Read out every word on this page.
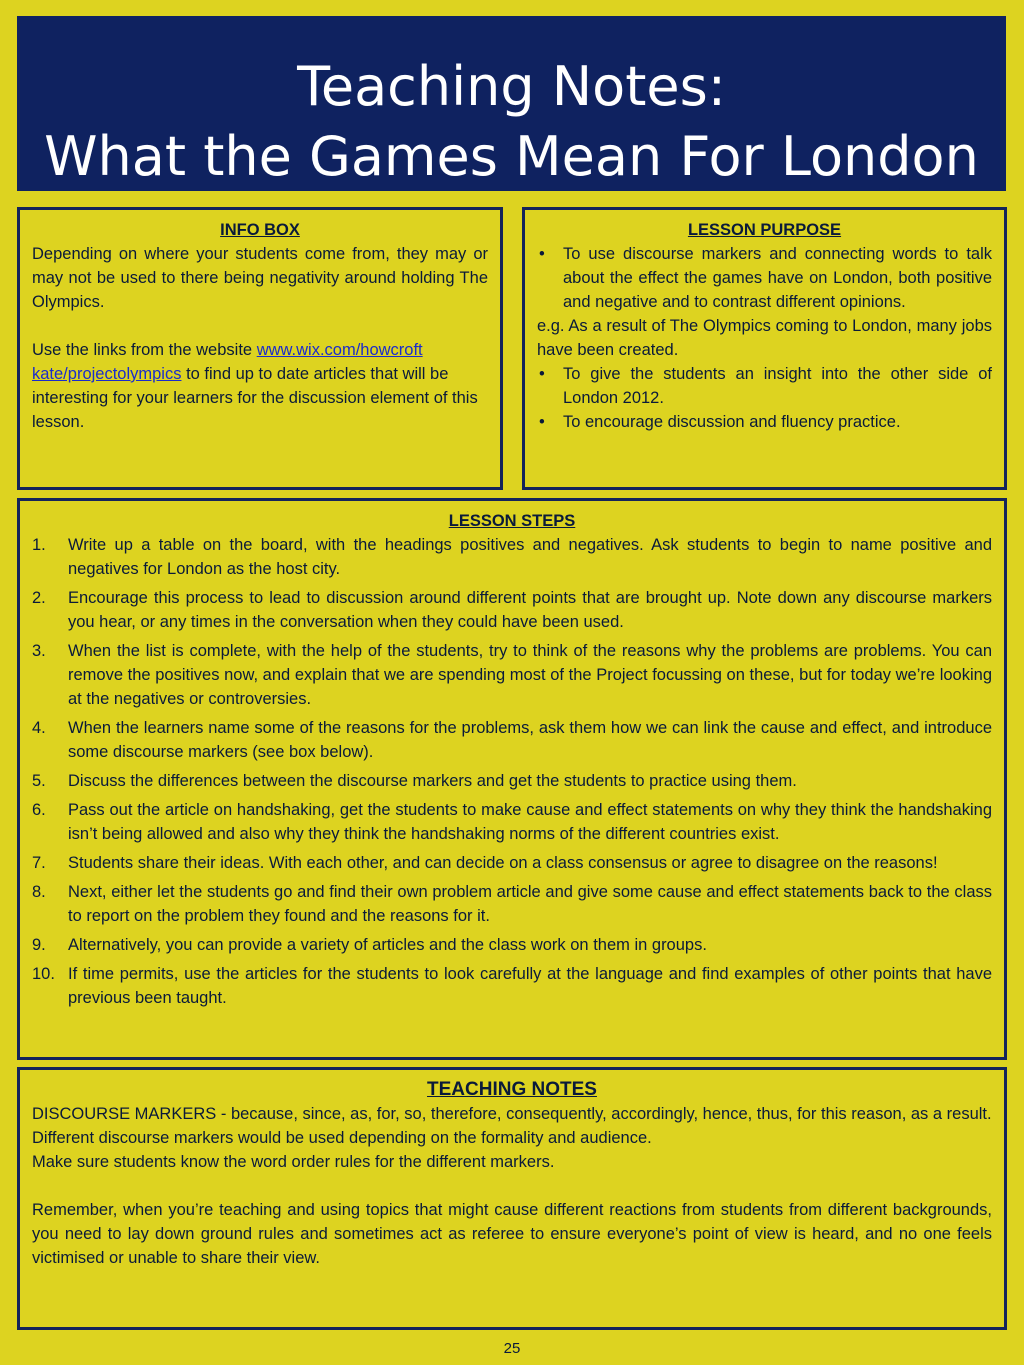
Teaching Notes:
What the Games Mean For London
INFO BOX
Depending on where your students come from, they may or may not be used to there being negativity around holding The Olympics.
Use the links from the website www.wix.com/howcroft kate/projectolympics to find up to date articles that will be interesting for your learners for the discussion element of this lesson.
LESSON PURPOSE
• To use discourse markers and connecting words to talk about the effect the games have on London, both positive and negative and to contrast different opinions.
e.g. As a result of The Olympics coming to London, many jobs have been created.
• To give the students an insight into the other side of London 2012.
• To encourage discussion and fluency practice.
LESSON STEPS
1. Write up a table on the board, with the headings positives and negatives. Ask students to begin to name positive and negatives for London as the host city.
2. Encourage this process to lead to discussion around different points that are brought up. Note down any discourse markers you hear, or any times in the conversation when they could have been used.
3. When the list is complete, with the help of the students, try to think of the reasons why the problems are problems. You can remove the positives now, and explain that we are spending most of the Project focussing on these, but for today we’re looking at the negatives or controversies.
4. When the learners name some of the reasons for the problems, ask them how we can link the cause and effect, and introduce some discourse markers (see box below).
5. Discuss the differences between the discourse markers and get the students to practice using them.
6. Pass out the article on handshaking, get the students to make cause and effect statements on why they think the handshaking isn’t being allowed and also why they think the handshaking norms of the different countries exist.
7. Students share their ideas. With each other, and can decide on a class consensus or agree to disagree on the reasons!
8. Next, either let the students go and find their own problem article and give some cause and effect statements back to the class to report on the problem they found and the reasons for it.
9. Alternatively, you can provide a variety of articles and the class work on them in groups.
10. If time permits, use the articles for the students to look carefully at the language and find examples of other points that have previous been taught.
TEACHING NOTES
DISCOURSE MARKERS - because, since, as, for, so, therefore, consequently, accordingly, hence, thus, for this reason, as a result.
Different discourse markers would be used depending on the formality and audience.
Make sure students know the word order rules for the different markers.
Remember, when you’re teaching and using topics that might cause different reactions from students from different backgrounds, you need to lay down ground rules and sometimes act as referee to ensure everyone’s point of view is heard, and no one feels victimised or unable to share their view.
25
